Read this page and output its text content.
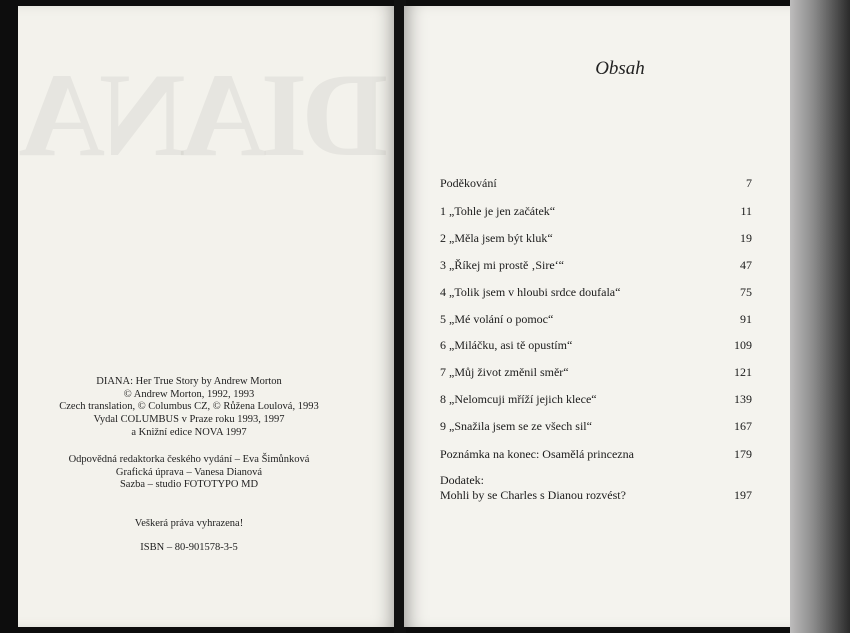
DIANA
DIANA: Her True Story by Andrew Morton
© Andrew Morton, 1992, 1993
Czech translation, © Columbus CZ, © Růžena Loulová, 1993
Vydal COLUMBUS v Praze roku 1993, 1997
a Knižní edice NOVA 1997
Odpovědná redaktorka českého vydání – Eva Šimůnková
Grafická úprava – Vanesa Dianová
Sazba – studio FOTOTYPO MD
Veškerá práva vyhrazena!
ISBN – 80-901578-3-5
Obsah
Poděkování	7
1 „Tohle je jen začátek“	11
2 „Měla jsem být kluk“	19
3 „Říkej mi prostě ‚Sire‘“	47
4 „Tolik jsem v hloubi srdce doufala“	75
5 „Mé volání o pomoc“	91
6 „Miláčku, asi tě opustím“	109
7 „Můj život změnil směr“	121
8 „Nelomcuji mříží jejich klece“	139
9 „Snažila jsem se ze všech sil“	167
Poznámka na konec: Osamělá princezna	179
Dodatek:
Mohli by se Charles s Dianou rozvést?	197
